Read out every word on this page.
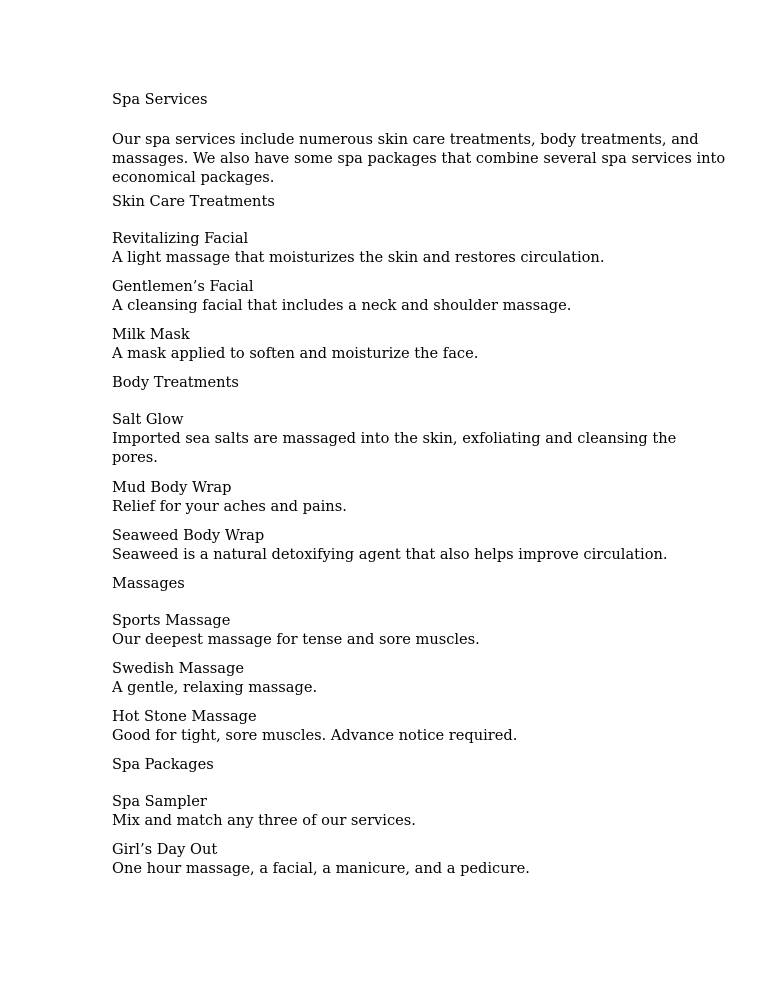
Spa Services

Our spa services include numerous skin care treatments, body treatments, and
massages. We also have some spa packages that combine several spa services into
economical packages.

Skin Care Treatments

Revitalizing Facial
A light massage that moisturizes the skin and restores circulation.

Gentlemen’s Facial
A cleansing facial that includes a neck and shoulder massage.

Milk Mask
A mask applied to soften and moisturize the face.

Body Treatments

Salt Glow
Imported sea salts are massaged into the skin, exfoliating and cleansing the
pores.

Mud Body Wrap
Relief for your aches and pains.

Seaweed Body Wrap
Seaweed is a natural detoxifying agent that also helps improve circulation.

Massages

Sports Massage
Our deepest massage for tense and sore muscles.

Swedish Massage
A gentle, relaxing massage.

Hot Stone Massage
Good for tight, sore muscles. Advance notice required.

Spa Packages

Spa Sampler
Mix and match any three of our services.

Girl’s Day Out
One hour massage, a facial, a manicure, and a pedicure.
